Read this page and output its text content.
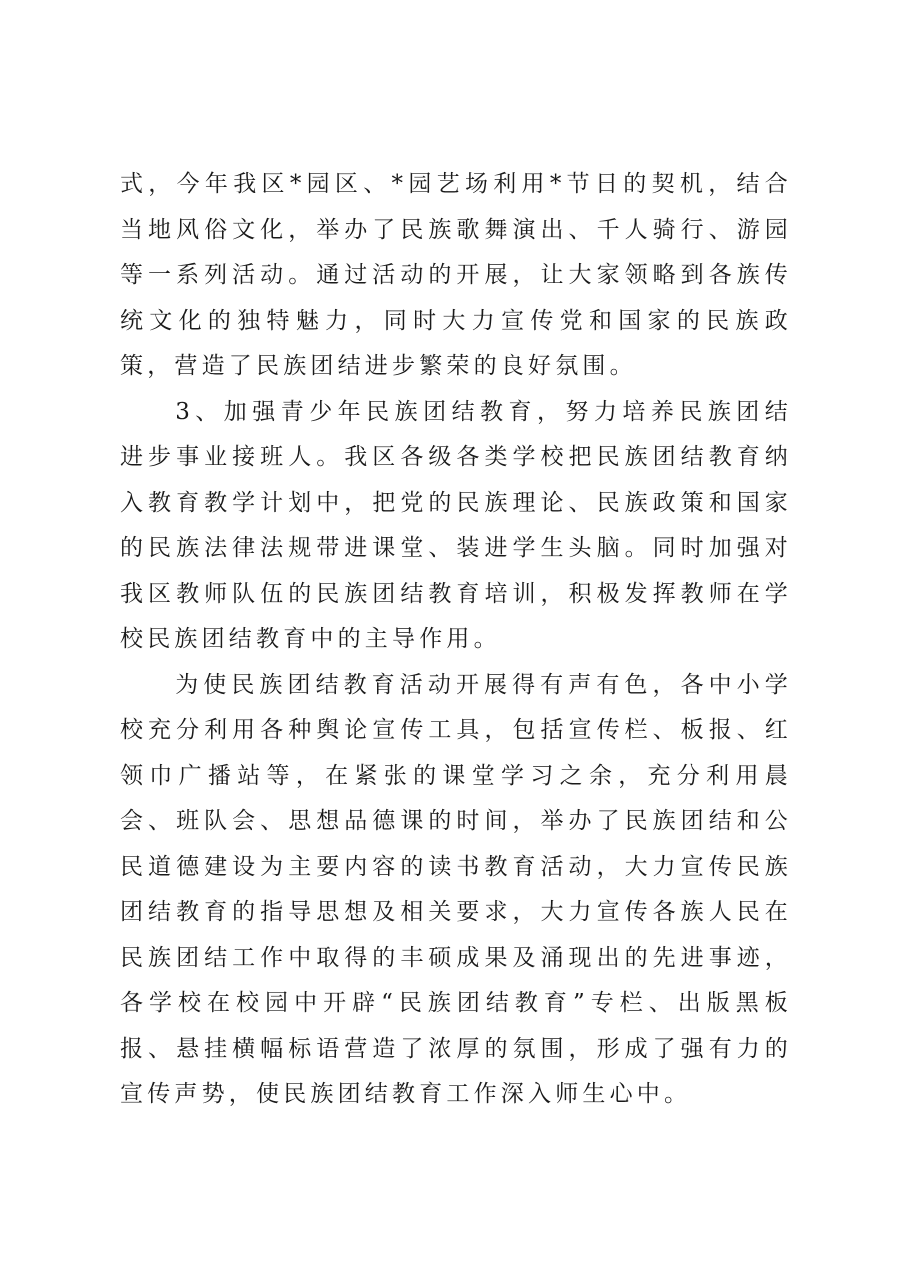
式，今年我区*园区、*园艺场利用*节日的契机，结合当地风俗文化，举办了民族歌舞演出、千人骑行、游园等一系列活动。通过活动的开展，让大家领略到各族传统文化的独特魅力，同时大力宣传党和国家的民族政策，营造了民族团结进步繁荣的良好氛围。

3、加强青少年民族团结教育，努力培养民族团结进步事业接班人。我区各级各类学校把民族团结教育纳入教育教学计划中，把党的民族理论、民族政策和国家的民族法律法规带进课堂、装进学生头脑。同时加强对我区教师队伍的民族团结教育培训，积极发挥教师在学校民族团结教育中的主导作用。

为使民族团结教育活动开展得有声有色，各中小学校充分利用各种舆论宣传工具，包括宣传栏、板报、红领巾广播站等，在紧张的课堂学习之余，充分利用晨会、班队会、思想品德课的时间，举办了民族团结和公民道德建设为主要内容的读书教育活动，大力宣传民族团结教育的指导思想及相关要求，大力宣传各族人民在民族团结工作中取得的丰硕成果及涌现出的先进事迹，各学校在校园中开辟“民族团结教育”专栏、出版黑板报、悬挂横幅标语营造了浓厚的氛围，形成了强有力的宣传声势，使民族团结教育工作深入师生心中。
